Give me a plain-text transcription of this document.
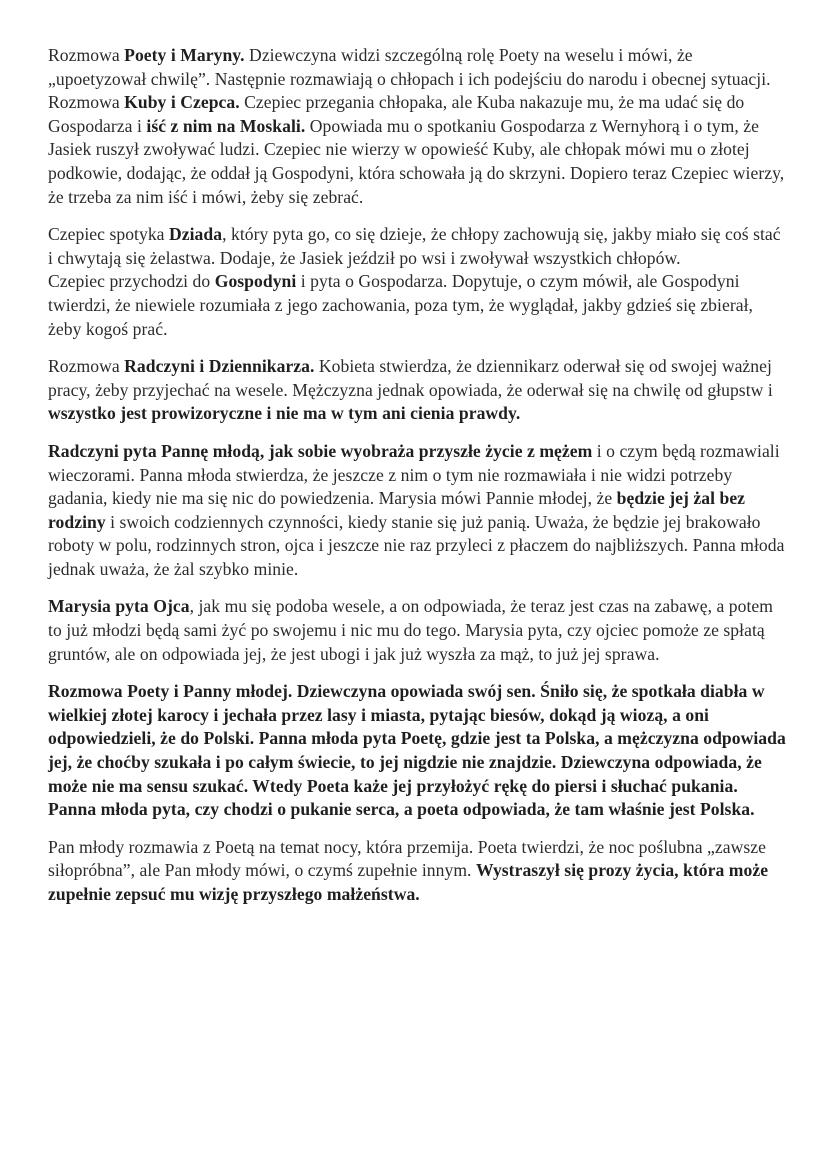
Rozmowa Poety i Maryny. Dziewczyna widzi szczególną rolę Poety na weselu i mówi, że „upoetyzował chwilę”. Następnie rozmawiają o chłopach i ich podejściu do narodu i obecnej sytuacji.

Rozmowa Kuby i Czepca. Czepiec przegania chłopaka, ale Kuba nakazuje mu, że ma udać się do Gospodarza i iść z nim na Moskali. Opowiada mu o spotkaniu Gospodarza z Wernyhorą i o tym, że Jasiek ruszył zwoływać ludzi. Czepiec nie wierzy w opowieść Kuby, ale chłopak mówi mu o złotej podkowie, dodając, że oddał ją Gospodyni, która schowała ją do skrzyni. Dopiero teraz Czepiec wierzy, że trzeba za nim iść i mówi, żeby się zebrać.

Czepiec spotyka Dziada, który pyta go, co się dzieje, że chłopy zachowują się, jakby miało się coś stać i chwytają się żelastwa. Dodaje, że Jasiek jeździł po wsi i zwoływał wszystkich chłopów.

Czepiec przychodzi do Gospodyni i pyta o Gospodarza. Dopytuje, o czym mówił, ale Gospodyni twierdzi, że niewiele rozumiała z jego zachowania, poza tym, że wyglądał, jakby gdzieś się zbierał, żeby kogoś prać.

Rozmowa Radczyni i Dziennikarza. Kobieta stwierdza, że dziennikarz oderwał się od swojej ważnej pracy, żeby przyjechać na wesele. Mężczyzna jednak opowiada, że oderwał się na chwilę od głupstw i wszystko jest prowizoryczne i nie ma w tym ani cienia prawdy.

Radczyni pyta Pannę młodą, jak sobie wyobraża przyszłe życie z mężem i o czym będą rozmawiali wieczorami. Panna młoda stwierdza, że jeszcze z nim o tym nie rozmawiała i nie widzi potrzeby gadania, kiedy nie ma się nic do powiedzenia. Marysia mówi Pannie młodej, że będzie jej żal bez rodziny i swoich codziennych czynności, kiedy stanie się już panią. Uważa, że będzie jej brakowało roboty w polu, rodzinnych stron, ojca i jeszcze nie raz przyleci z płaczem do najbliższych. Panna młoda jednak uważa, że żal szybko minie.

Marysia pyta Ojca, jak mu się podoba wesele, a on odpowiada, że teraz jest czas na zabawę, a potem to już młodzi będą sami żyć po swojemu i nic mu do tego. Marysia pyta, czy ojciec pomoże ze spłatą gruntów, ale on odpowiada jej, że jest ubogi i jak już wyszła za mąż, to już jej sprawa.

Rozmowa Poety i Panny młodej. Dziewczyna opowiada swój sen. Śniło się, że spotkała diabła w wielkiej złotej karocy i jechała przez lasy i miasta, pytając biesów, dokąd ją wiozą, a oni odpowiedzieli, że do Polski. Panna młoda pyta Poetę, gdzie jest ta Polska, a mężczyzna odpowiada jej, że choćby szukała i po całym świecie, to jej nigdzie nie znajdzie. Dziewczyna odpowiada, że może nie ma sensu szukać. Wtedy Poeta każe jej przyłożyć rękę do piersi i słuchać pukania. Panna młoda pyta, czy chodzi o pukanie serca, a poeta odpowiada, że tam właśnie jest Polska.

Pan młody rozmawia z Poetą na temat nocy, która przemija. Poeta twierdzi, że noc poślubna „zawsze siłopróbna”, ale Pan młody mówi, o czymś zupełnie innym. Wystraszył się prozy życia, która może zupełnie zepsuć mu wizję przyszłego małżeństwa.
